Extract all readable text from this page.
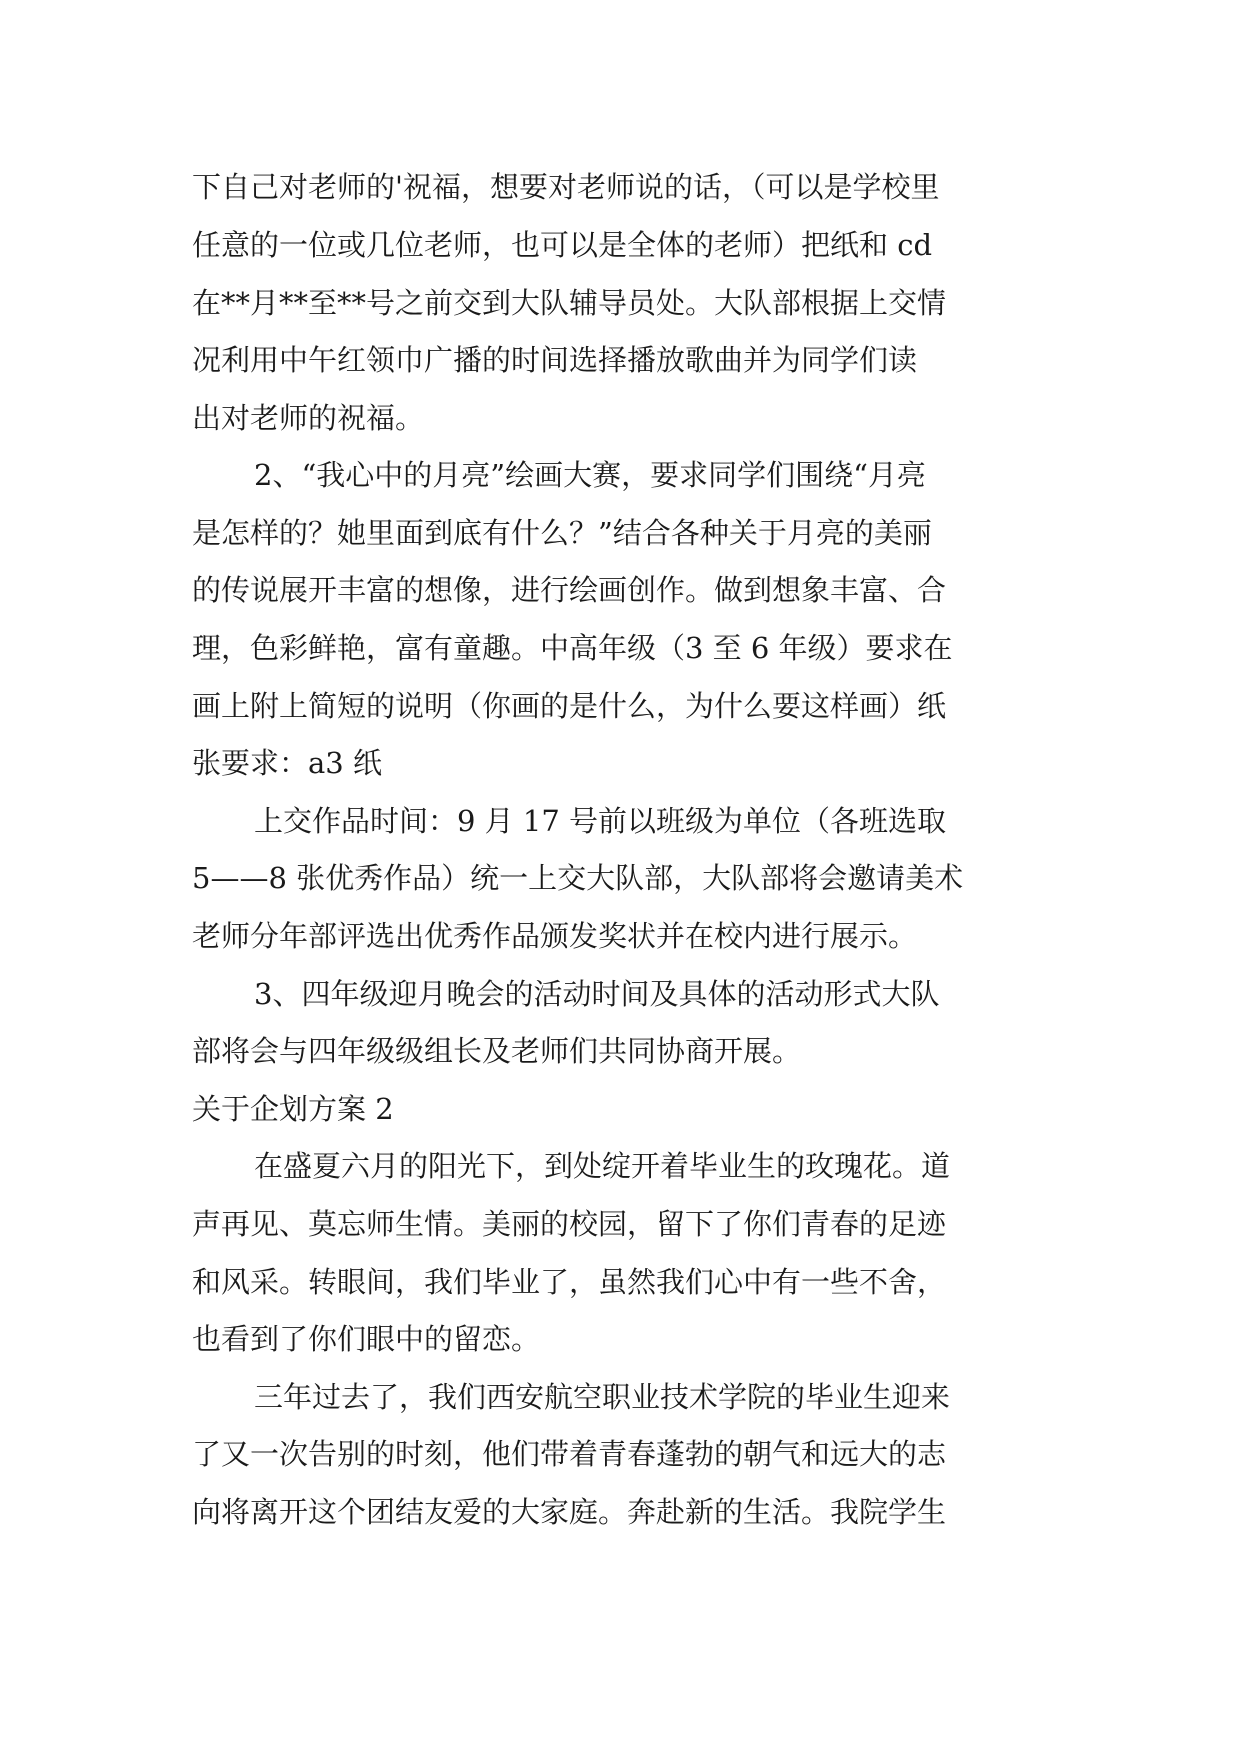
下自己对老师的'祝福，想要对老师说的话，（可以是学校里
任意的一位或几位老师，也可以是全体的老师）把纸和 cd
在**月**至**号之前交到大队辅导员处。大队部根据上交情
况利用中午红领巾广播的时间选择播放歌曲并为同学们读
出对老师的祝福。
2、“我心中的月亮”绘画大赛，要求同学们围绕“月亮
是怎样的？她里面到底有什么？”结合各种关于月亮的美丽
的传说展开丰富的想像，进行绘画创作。做到想象丰富、合
理，色彩鲜艳，富有童趣。中高年级（3 至 6 年级）要求在
画上附上简短的说明（你画的是什么，为什么要这样画）纸
张要求：a3 纸
上交作品时间：9 月 17 号前以班级为单位（各班选取
5——8 张优秀作品）统一上交大队部，大队部将会邀请美术
老师分年部评选出优秀作品颁发奖状并在校内进行展示。
3、四年级迎月晚会的活动时间及具体的活动形式大队
部将会与四年级级组长及老师们共同协商开展。
关于企划方案 2
在盛夏六月的阳光下，到处绽开着毕业生的玫瑰花。道
声再见、莫忘师生情。美丽的校园，留下了你们青春的足迹
和风采。转眼间，我们毕业了，虽然我们心中有一些不舍，
也看到了你们眼中的留恋。
三年过去了，我们西安航空职业技术学院的毕业生迎来
了又一次告别的时刻，他们带着青春蓬勃的朝气和远大的志
向将离开这个团结友爱的大家庭。奔赴新的生活。我院学生
